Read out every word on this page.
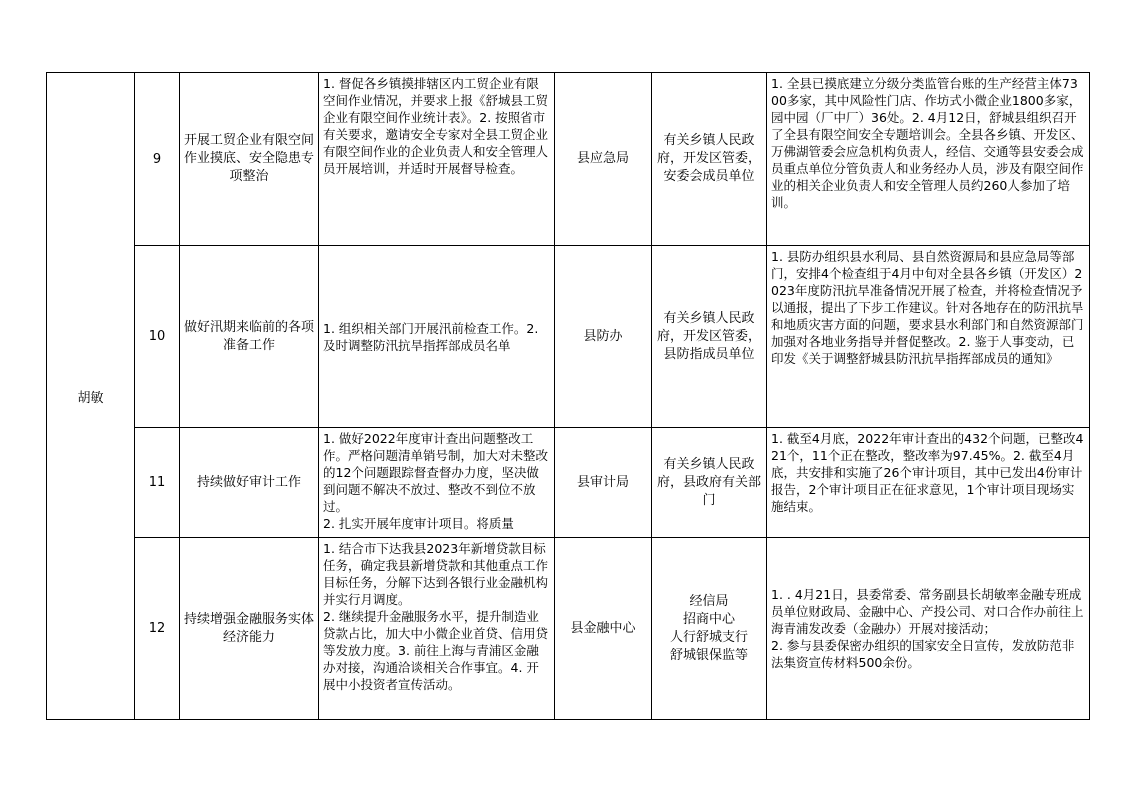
胡敏	9	开展工贸企业有限空间作业摸底、安全隐患专项整治	1. 督促各乡镇摸排辖区内工贸企业有限空间作业情况，并要求上报《舒城县工贸企业有限空间作业统计表》。2. 按照省市有关要求，邀请安全专家对全县工贸企业有限空间作业的企业负责人和安全管理人员开展培训，并适时开展督导检查。	县应急局	有关乡镇人民政府，开发区管委，安委会成员单位	1. 全县已摸底建立分级分类监管台账的生产经营主体7300多家，其中风险性门店、作坊式小微企业1800多家，园中园（厂中厂）36处。2. 4月12日，舒城县组织召开了全县有限空间安全专题培训会。全县各乡镇、开发区、万佛湖管委会应急机构负责人，经信、交通等县安委会成员重点单位分管负责人和业务经办人员，涉及有限空间作业的相关企业负责人和安全管理人员约260人参加了培训。

	10	做好汛期来临前的各项准备工作	1. 组织相关部门开展汛前检查工作。2. 及时调整防汛抗旱指挥部成员名单	县防办	有关乡镇人民政府，开发区管委，县防指成员单位	1. 县防办组织县水利局、县自然资源局和县应急局等部门，安排4个检查组于4月中旬对全县各乡镇（开发区）2023年度防汛抗旱准备情况开展了检查，并将检查情况予以通报，提出了下步工作建议。针对各地存在的防汛抗旱和地质灾害方面的问题，要求县水利部门和自然资源部门加强对各地业务指导并督促整改。2. 鉴于人事变动，已印发《关于调整舒城县防汛抗旱指挥部成员的通知》

	11	持续做好审计工作	1. 做好2022年度审计查出问题整改工作。严格问题清单销号制，加大对未整改的12个问题跟踪督查督办力度，坚决做到问题不解决不放过、整改不到位不放过。
2. 扎实开展年度审计项目。将质量	县审计局	有关乡镇人民政府，县政府有关部门	1. 截至4月底，2022年审计查出的432个问题，已整改421个，11个正在整改，整改率为97.45%。2. 截至4月底，共安排和实施了26个审计项目，其中已发出4份审计报告，2个审计项目正在征求意见，1个审计项目现场实施结束。

	12	持续增强金融服务实体经济能力	1. 结合市下达我县2023年新增贷款目标任务，确定我县新增贷款和其他重点工作目标任务，分解下达到各银行业金融机构并实行月调度。
2. 继续提升金融服务水平，提升制造业贷款占比，加大中小微企业首贷、信用贷等发放力度。3. 前往上海与青浦区金融办对接，沟通洽谈相关合作事宜。4. 开展中小投资者宣传活动。	县金融中心	经信局
招商中心
人行舒城支行
舒城银保监等	1. . 4月21日，县委常委、常务副县长胡敏率金融专班成员单位财政局、金融中心、产投公司、对口合作办前往上海青浦发改委（金融办）开展对接活动；
2. 参与县委保密办组织的国家安全日宣传，发放防范非法集资宣传材料500余份。
